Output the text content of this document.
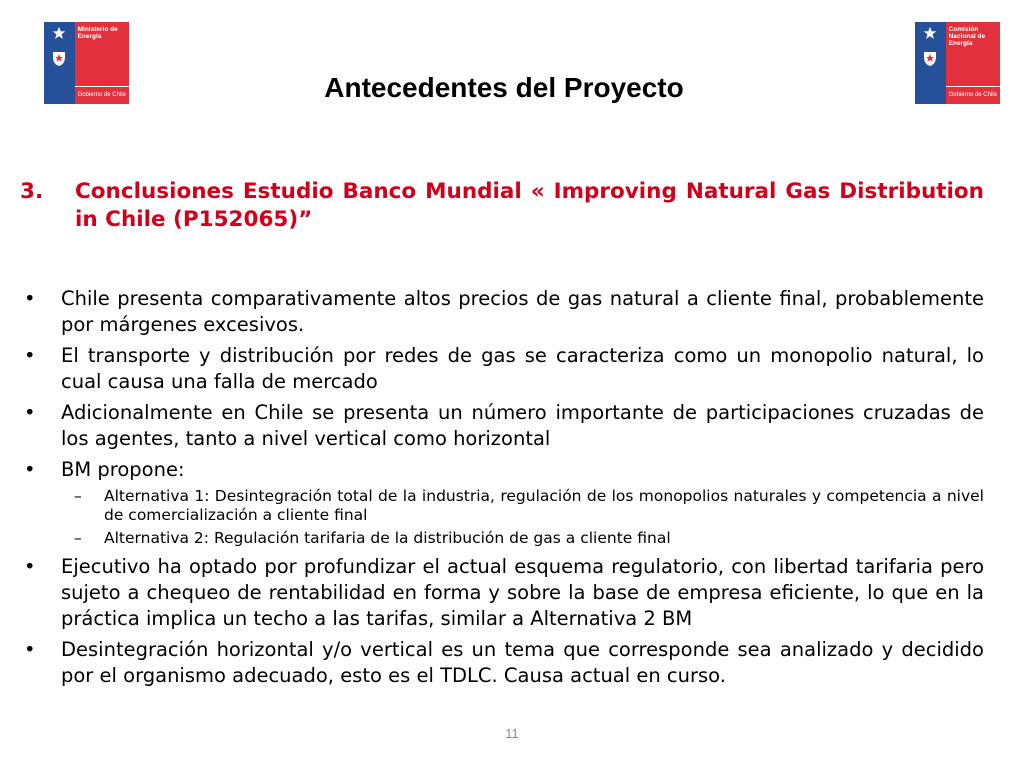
Ministerio de Energía
Gobierno de Chile
Comisión Nacional de Energía
Gobierno de Chile
Antecedentes del Proyecto
3.	Conclusiones Estudio Banco Mundial « Improving Natural Gas Distribution in Chile (P152065)”
•	Chile presenta comparativamente altos precios de gas natural a cliente final, probablemente por márgenes excesivos.
•	El transporte y distribución por redes de gas se caracteriza como un monopolio natural, lo cual causa una falla de mercado
•	Adicionalmente en Chile se presenta un número importante de participaciones cruzadas de los agentes, tanto a nivel vertical como horizontal
•	BM propone:
–	Alternativa 1: Desintegración total de la industria, regulación de los monopolios naturales y competencia a nivel de comercialización a cliente final
–	Alternativa 2: Regulación tarifaria de la distribución de gas a cliente final
•	Ejecutivo ha optado por profundizar el actual esquema regulatorio, con libertad tarifaria pero sujeto a chequeo de rentabilidad en forma y sobre la base de empresa eficiente, lo que en la práctica implica un techo a las tarifas, similar a Alternativa 2 BM
•	Desintegración horizontal y/o vertical es un tema que corresponde sea analizado y decidido por el organismo adecuado, esto es el TDLC. Causa actual en curso.
11
